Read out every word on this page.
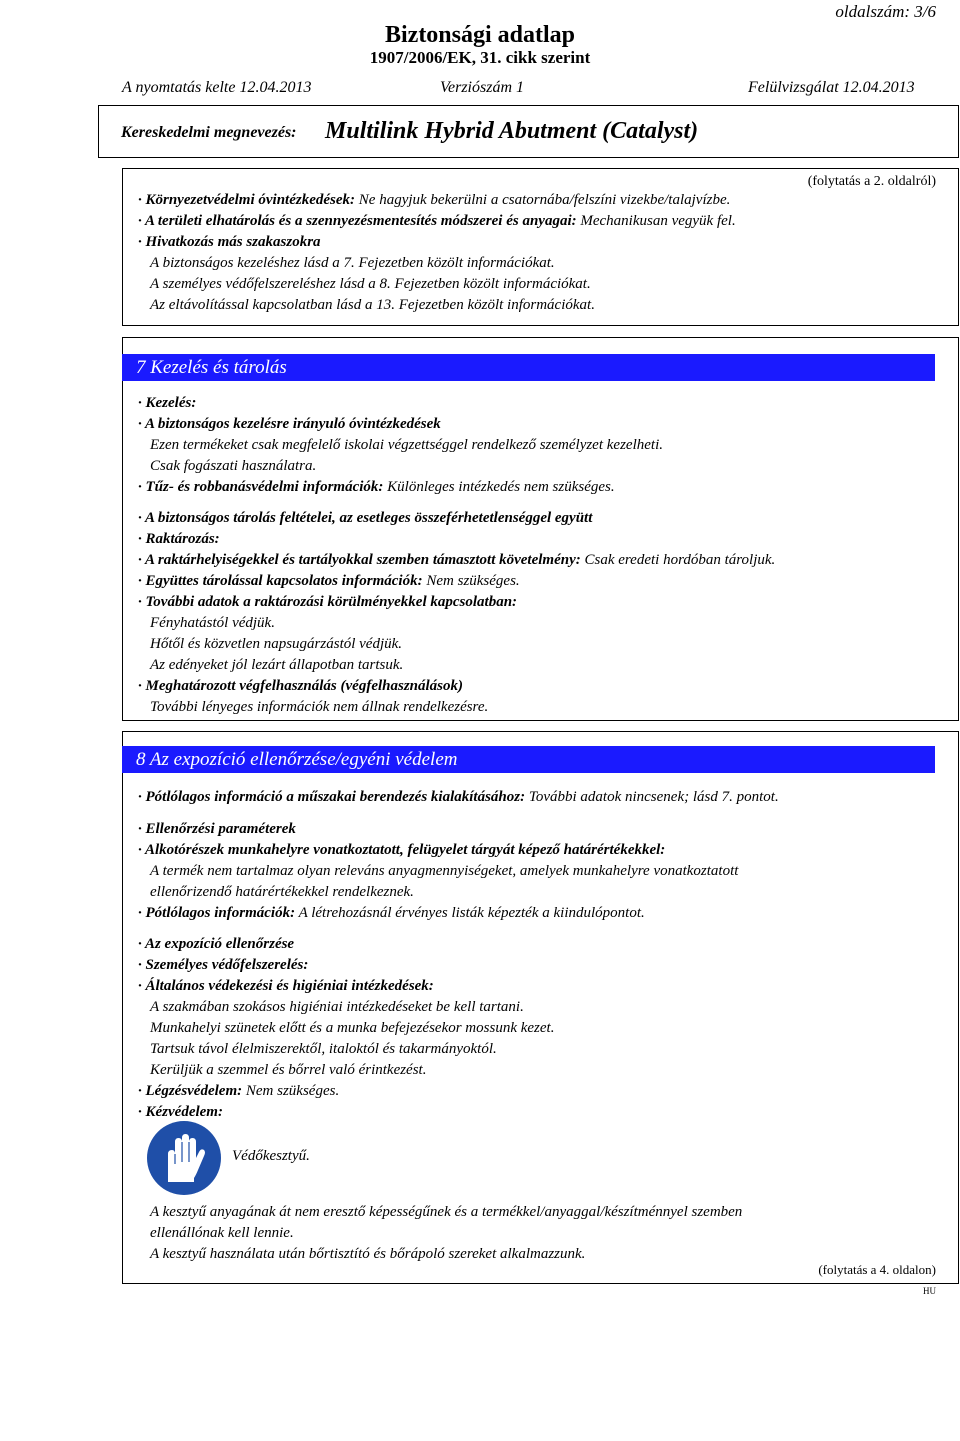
oldalszám: 3/6
Biztonsági adatlap
1907/2006/EK, 31. cikk szerint
A nyomtatás kelte 12.04.2013	Verziószám 1	Felülvizsgálat 12.04.2013
Kereskedelmi megnevezés: Multilink Hybrid Abutment (Catalyst)
(folytatás a 2. oldalról)
· Környezetvédelmi óvintézkedések: Ne hagyjuk bekerülni a csatornába/felszíni vizekbe/talajvízbe.
· A területi elhatárolás és a szennyezésmentesítés módszerei és anyagai: Mechanikusan vegyük fel.
· Hivatkozás más szakaszokra
A biztonságos kezeléshez lásd a 7. Fejezetben közölt információkat.
A személyes védőfelszereléshez lásd a 8. Fejezetben közölt információkat.
Az eltávolítással kapcsolatban lásd a 13. Fejezetben közölt információkat.
7 Kezelés és tárolás
· Kezelés:
· A biztonságos kezelésre irányuló óvintézkedések
Ezen termékeket csak megfelelő iskolai végzettséggel rendelkező személyzet kezelheti.
Csak fogászati használatra.
· Tűz- és robbanásvédelmi információk: Különleges intézkedés nem szükséges.
· A biztonságos tárolás feltételei, az esetleges összeférhetetlenséggel együtt
· Raktározás:
· A raktárhelyiségekkel és tartályokkal szemben támasztott követelmény: Csak eredeti hordóban tároljuk.
· Együttes tárolással kapcsolatos információk: Nem szükséges.
· További adatok a raktározási körülményekkel kapcsolatban:
Fényhatástól védjük.
Hőtől és közvetlen napsugárzástól védjük.
Az edényeket jól lezárt állapotban tartsuk.
· Meghatározott végfelhasználás (végfelhasználások)
További lényeges információk nem állnak rendelkezésre.
8 Az expozíció ellenőrzése/egyéni védelem
· Pótlólagos információ a műszakai berendezés kialakításához: További adatok nincsenek; lásd 7. pontot.
· Ellenőrzési paraméterek
· Alkotórészek munkahelyre vonatkoztatott, felügyelet tárgyát képező határértékekkel:
A termék nem tartalmaz olyan releváns anyagmennyiségeket, amelyek munkahelyre vonatkoztatott
ellenőrizendő határértékekkel rendelkeznek.
· Pótlólagos információk: A létrehozásnál érvényes listák képezték a kiindulópontot.
· Az expozíció ellenőrzése
· Személyes védőfelszerelés:
· Általános védekezési és higiéniai intézkedések:
A szakmában szokásos higiéniai intézkedéseket be kell tartani.
Munkahelyi szünetek előtt és a munka befejezésekor mossunk kezet.
Tartsuk távol élelmiszerektől, italoktól és takarmányoktól.
Kerüljük a szemmel és bőrrel való érintkezést.
· Légzésvédelem: Nem szükséges.
· Kézvédelem:
Védőkesztyű.
A kesztyű anyagának át nem eresztő képességűnek és a termékkel/anyaggal/készítménnyel szemben
ellenállónak kell lennie.
A kesztyű használata után bőrtisztító és bőrápoló szereket alkalmazzunk.
(folytatás a 4. oldalon)
HU
